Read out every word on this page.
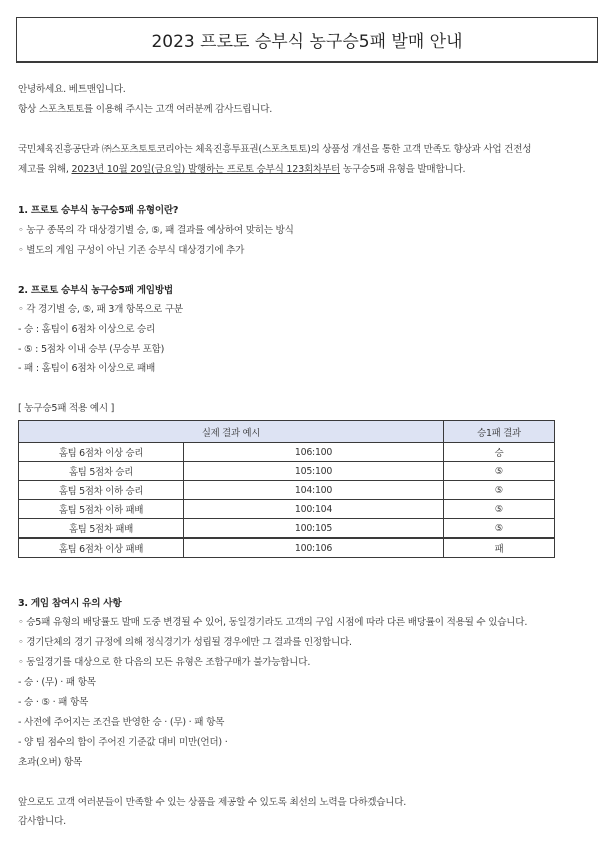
2023 프로토 승부식 농구승5패 발매 안내
안녕하세요. 베트맨입니다.
항상 스포츠토토를 이용해 주시는 고객 여러분께 감사드립니다.
국민체육진흥공단과 ㈜스포츠토토코리아는 체육진흥투표권(스포츠토토)의 상품성 개선을 통한 고객 만족도 향상과 사업 건전성
제고를 위해, 2023년 10월 20일(금요일) 발행하는 프로토 승부식 123회차부터 농구승5패 유형을 발매합니다.
1. 프로토 승부식 농구승5패 유형이란?
◦ 농구 종목의 각 대상경기별 승, ⑤, 패 결과를 예상하여 맞히는 방식
◦ 별도의 게임 구성이 아닌 기존 승부식 대상경기에 추가
2. 프로토 승부식 농구승5패 게임방법
◦ 각 경기별 승, ⑤, 패 3개 항목으로 구분
- 승 : 홈팀이 6점차 이상으로 승리
- ⑤ : 5점차 이내 승부 (무승부 포함)
- 패 : 홈팀이 6점차 이상으로 패배
[ 농구승5패 적용 예시 ]
실제 결과 예시		승1패 결과
홈팀 6점차 이상 승리	106:100	승
홈팀 5점차 승리	105:100	⑤
홈팀 5점차 이하 승리	104:100	⑤
홈팀 5점차 이하 패배	100:104	⑤
홈팀 5점차 패배	100:105	⑤
홈팀 6점차 이상 패배	100:106	패
3. 게임 참여시 유의 사항
◦ 승5패 유형의 배당률도 발매 도중 변경될 수 있어, 동일경기라도 고객의 구입 시점에 따라 다른 배당률이 적용될 수 있습니다.
◦ 경기단체의 경기 규정에 의해 정식경기가 성립될 경우에만 그 결과를 인정합니다.
◦ 동일경기를 대상으로 한 다음의 모든 유형은 조합구매가 불가능합니다.
- 승 · (무) · 패 항목
- 승 · ⑤ · 패 항목
- 사전에 주어지는 조건을 반영한 승 · (무) · 패 항목
- 양 팀 점수의 합이 주어진 기준값 대비 미만(언더) ·
초과(오버) 항목
앞으로도 고객 여러분들이 만족할 수 있는 상품을 제공할 수 있도록 최선의 노력을 다하겠습니다.
감사합니다.
